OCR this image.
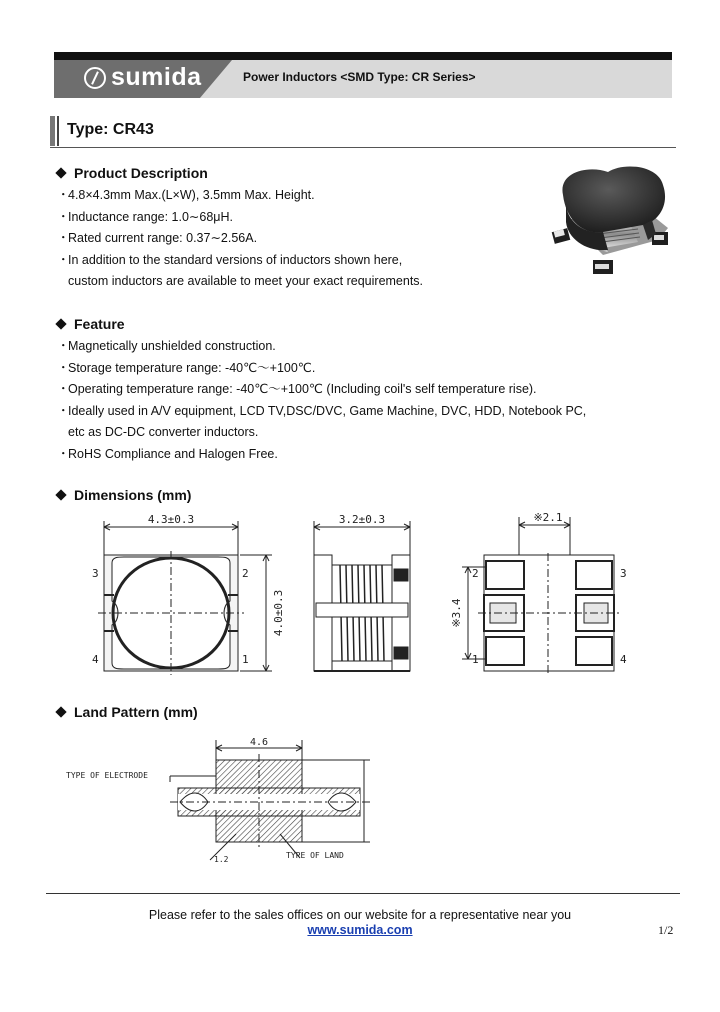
sumida	Power Inductors <SMD Type: CR Series>
Type: CR43
Product Description
・4.8×4.3mm Max.(L×W), 3.5mm Max. Height.
・Inductance range: 1.0∼68μH.
・Rated current range: 0.37∼2.56A.
・In addition to the standard versions of inductors shown here,
custom inductors are available to meet your exact requirements.
Feature
・Magnetically unshielded construction.
・Storage temperature range: -40℃～+100℃.
・Operating temperature range: -40℃～+100℃ (Including coil's self temperature rise).
・Ideally used in A/V equipment, LCD TV,DSC/DVC, Game Machine, DVC, HDD, Notebook PC,
etc as DC-DC converter inductors.
・RoHS Compliance and Halogen Free.
Dimensions (mm)
4.3±0.3	3.2±0.3	※2.1
4.0±0.3	※3.4
3	2
4	1
2	3
1	4
Land Pattern (mm)
4.6
TYPE OF ELECTRODE
TYPE OF LAND
1.2
Please refer to the sales offices on our website for a representative near you
www.sumida.com	1/2
